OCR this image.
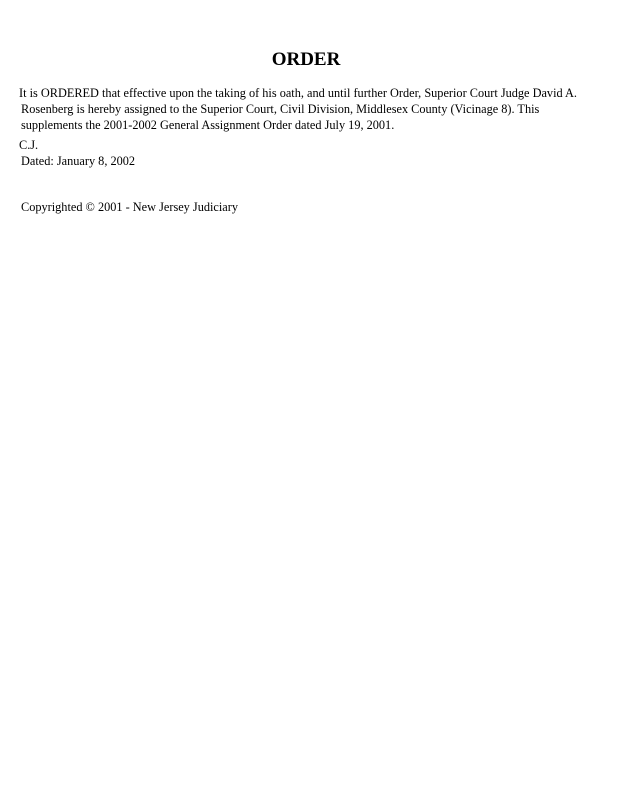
ORDER

It is ORDERED that effective upon the taking of his oath, and until further Order, Superior Court Judge David A.
Rosenberg is hereby assigned to the Superior Court, Civil Division, Middlesex County (Vicinage 8). This
supplements the 2001-2002 General Assignment Order dated July 19, 2001.

C.J.

Dated: January 8, 2002

Copyrighted © 2001 - New Jersey Judiciary
